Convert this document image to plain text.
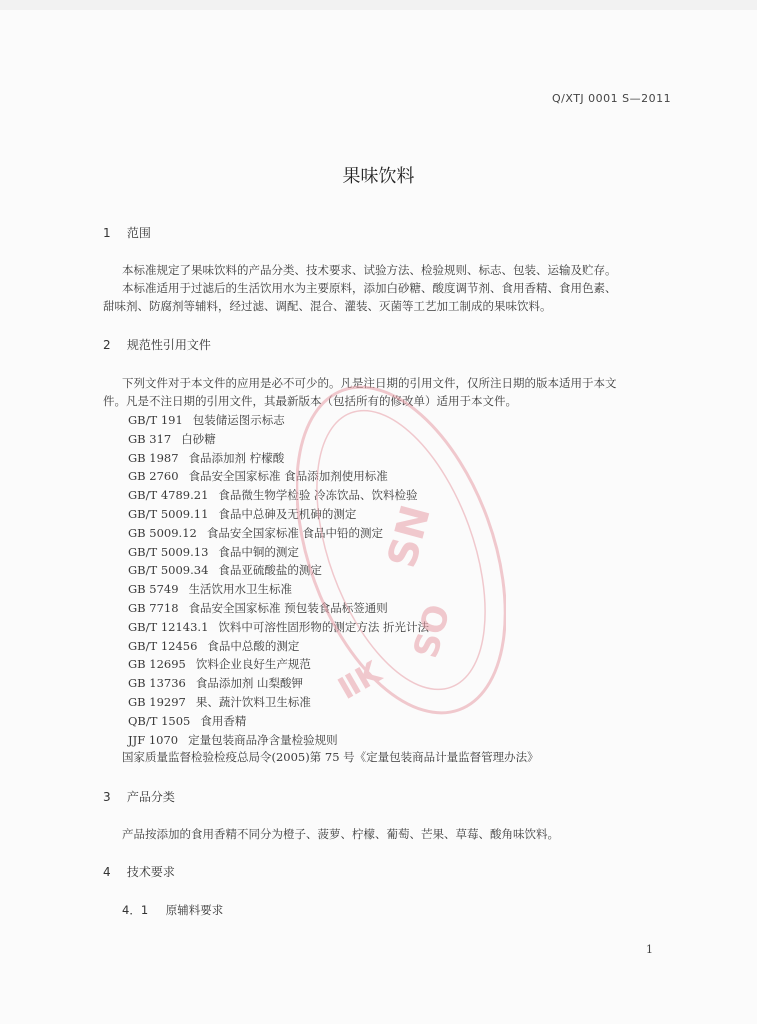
Q/XTJ 0001 S—2011
果味饮料
1 范围
本标准规定了果味饮料的产品分类、技术要求、试验方法、检验规则、标志、包装、运输及贮存。
本标准适用于过滤后的生活饮用水为主要原料，添加白砂糖、酸度调节剂、食用香精、食用色素、
甜味剂、防腐剂等辅料，经过滤、调配、混合、灌装、灭菌等工艺加工制成的果味饮料。
2 规范性引用文件
下列文件对于本文件的应用是必不可少的。凡是注日期的引用文件，仅所注日期的版本适用于本文
件。凡是不注日期的引用文件，其最新版本（包括所有的修改单）适用于本文件。
GB/T 191 包装储运图示标志
GB 317 白砂糖
GB 1987 食品添加剂 柠檬酸
GB 2760 食品安全国家标准 食品添加剂使用标准
GB/T 4789.21 食品微生物学检验 冷冻饮品、饮料检验
GB/T 5009.11 食品中总砷及无机砷的测定
GB 5009.12 食品安全国家标准 食品中铅的测定
GB/T 5009.13 食品中铜的测定
GB/T 5009.34 食品亚硫酸盐的测定
GB 5749 生活饮用水卫生标准
GB 7718 食品安全国家标准 预包装食品标签通则
GB/T 12143.1 饮料中可溶性固形物的测定方法 折光计法
GB/T 12456 食品中总酸的测定
GB 12695 饮料企业良好生产规范
GB 13736 食品添加剂 山梨酸钾
GB 19297 果、蔬汁饮料卫生标准
QB/T 1505 食用香精
JJF 1070 定量包装商品净含量检验规则
国家质量监督检验检疫总局令(2005)第 75 号《定量包装商品计量监督管理办法》
3 产品分类
产品按添加的食用香精不同分为橙子、菠萝、柠檬、葡萄、芒果、草莓、酸角味饮料。
4 技术要求
4．1 原辅料要求
1
SN
SO
ⅡK
